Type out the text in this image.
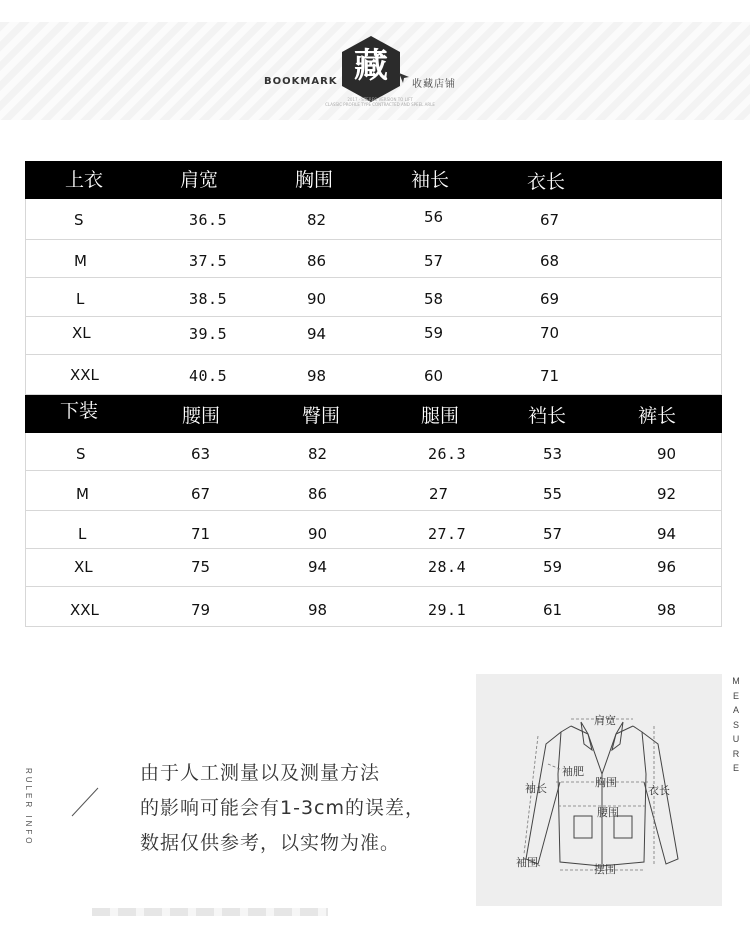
BOOKMARK 藏	收藏店铺
2017 · STEREO VERSION TO LIFT
CLASSIC PROFILE TYPE CONTRACTED AND SPEEL ARLE
上衣	肩宽	胸围	袖长	衣长
S	36.5	82	56	67
M	37.5	86	57	68
L	38.5	90	58	69
XL	39.5	94	59	70
XXL	40.5	98	60	71
下装	腰围	臀围	腿围	裆长	裤长
S	63	82	26.3	53	90
M	67	86	27	55	92
L	71	90	27.7	57	94
XL	75	94	28.4	59	96
XXL	79	98	29.1	61	98
RULER INFO	由于人工测量以及测量方法
的影响可能会有1-3cm的误差，
数据仅供参考，以实物为准。
肩宽
袖长
袖肥
胸围
衣长
腰围
袖围
摆围
MEASURE
